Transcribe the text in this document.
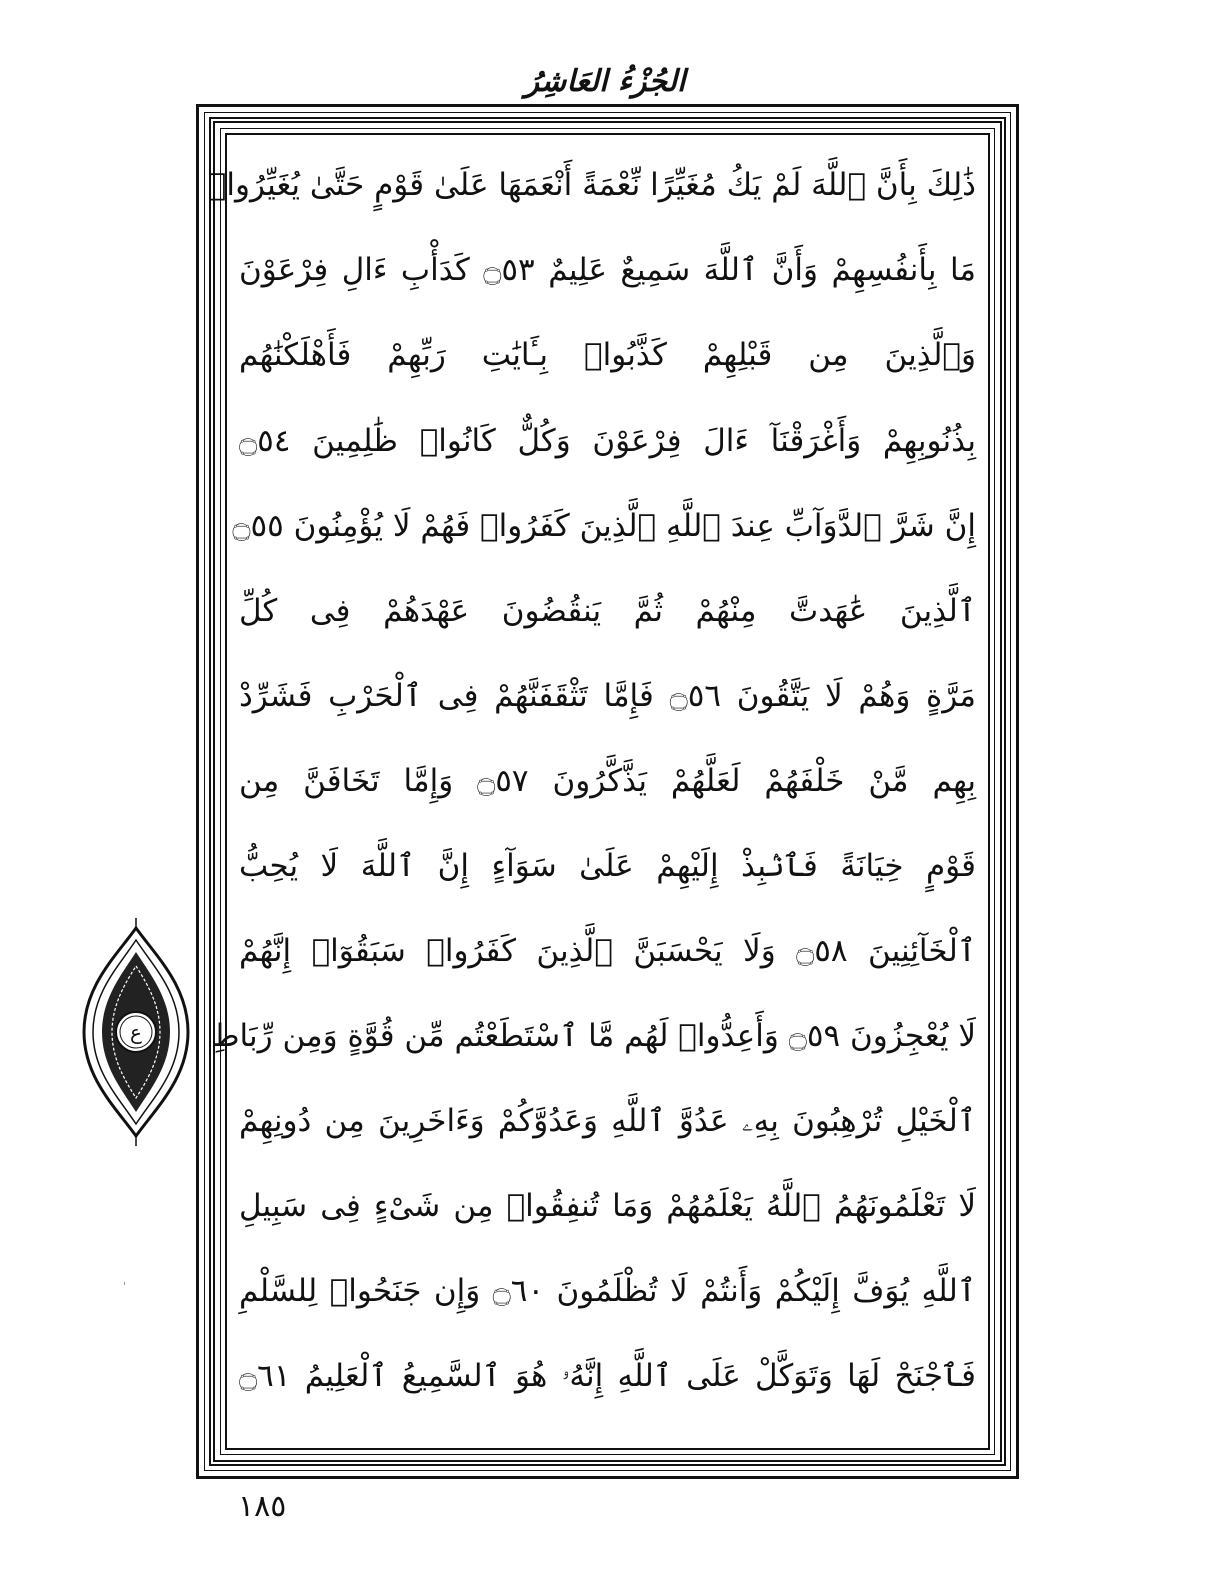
الجُزْءُ العَاشِرُ
ذَٰلِكَ بِأَنَّ ٱللَّهَ لَمْ يَكُ مُغَيِّرًا نِّعْمَةً أَنْعَمَهَا عَلَىٰ قَوْمٍ حَتَّىٰ يُغَيِّرُوا۟
مَا بِأَنفُسِهِمْ وَأَنَّ ٱللَّهَ سَمِيعٌ عَلِيمٌ ۝٥٣ كَدَأْبِ ءَالِ فِرْعَوْنَ
وَٱلَّذِينَ مِن قَبْلِهِمْ كَذَّبُوا۟ بِـَٔايَٰتِ رَبِّهِمْ فَأَهْلَكْنَٰهُم
بِذُنُوبِهِمْ وَأَغْرَقْنَآ ءَالَ فِرْعَوْنَ وَكُلٌّ كَانُوا۟ ظَٰلِمِينَ ۝٥٤
إِنَّ شَرَّ ٱلدَّوَآبِّ عِندَ ٱللَّهِ ٱلَّذِينَ كَفَرُوا۟ فَهُمْ لَا يُؤْمِنُونَ ۝٥٥
ٱلَّذِينَ عَٰهَدتَّ مِنْهُمْ ثُمَّ يَنقُضُونَ عَهْدَهُمْ فِى كُلِّ
مَرَّةٍ وَهُمْ لَا يَتَّقُونَ ۝٥٦ فَإِمَّا تَثْقَفَنَّهُمْ فِى ٱلْحَرْبِ فَشَرِّدْ
بِهِم مَّنْ خَلْفَهُمْ لَعَلَّهُمْ يَذَّكَّرُونَ ۝٥٧ وَإِمَّا تَخَافَنَّ مِن
قَوْمٍ خِيَانَةً فَٱنۢبِذْ إِلَيْهِمْ عَلَىٰ سَوَآءٍ إِنَّ ٱللَّهَ لَا يُحِبُّ
ٱلْخَآئِنِينَ ۝٥٨ وَلَا يَحْسَبَنَّ ٱلَّذِينَ كَفَرُوا۟ سَبَقُوٓا۟ إِنَّهُمْ
لَا يُعْجِزُونَ ۝٥٩ وَأَعِدُّوا۟ لَهُم مَّا ٱسْتَطَعْتُم مِّن قُوَّةٍ وَمِن رِّبَاطِ
ٱلْخَيْلِ تُرْهِبُونَ بِهِۦ عَدُوَّ ٱللَّهِ وَعَدُوَّكُمْ وَءَاخَرِينَ مِن دُونِهِمْ
لَا تَعْلَمُونَهُمُ ٱللَّهُ يَعْلَمُهُمْ وَمَا تُنفِقُوا۟ مِن شَىْءٍ فِى سَبِيلِ
ٱللَّهِ يُوَفَّ إِلَيْكُمْ وَأَنتُمْ لَا تُظْلَمُونَ ۝٦٠ وَإِن جَنَحُوا۟ لِلسَّلْمِ
فَٱجْنَحْ لَهَا وَتَوَكَّلْ عَلَى ٱللَّهِ إِنَّهُۥ هُوَ ٱلسَّمِيعُ ٱلْعَلِيمُ ۝٦١
ع
١٨٥
